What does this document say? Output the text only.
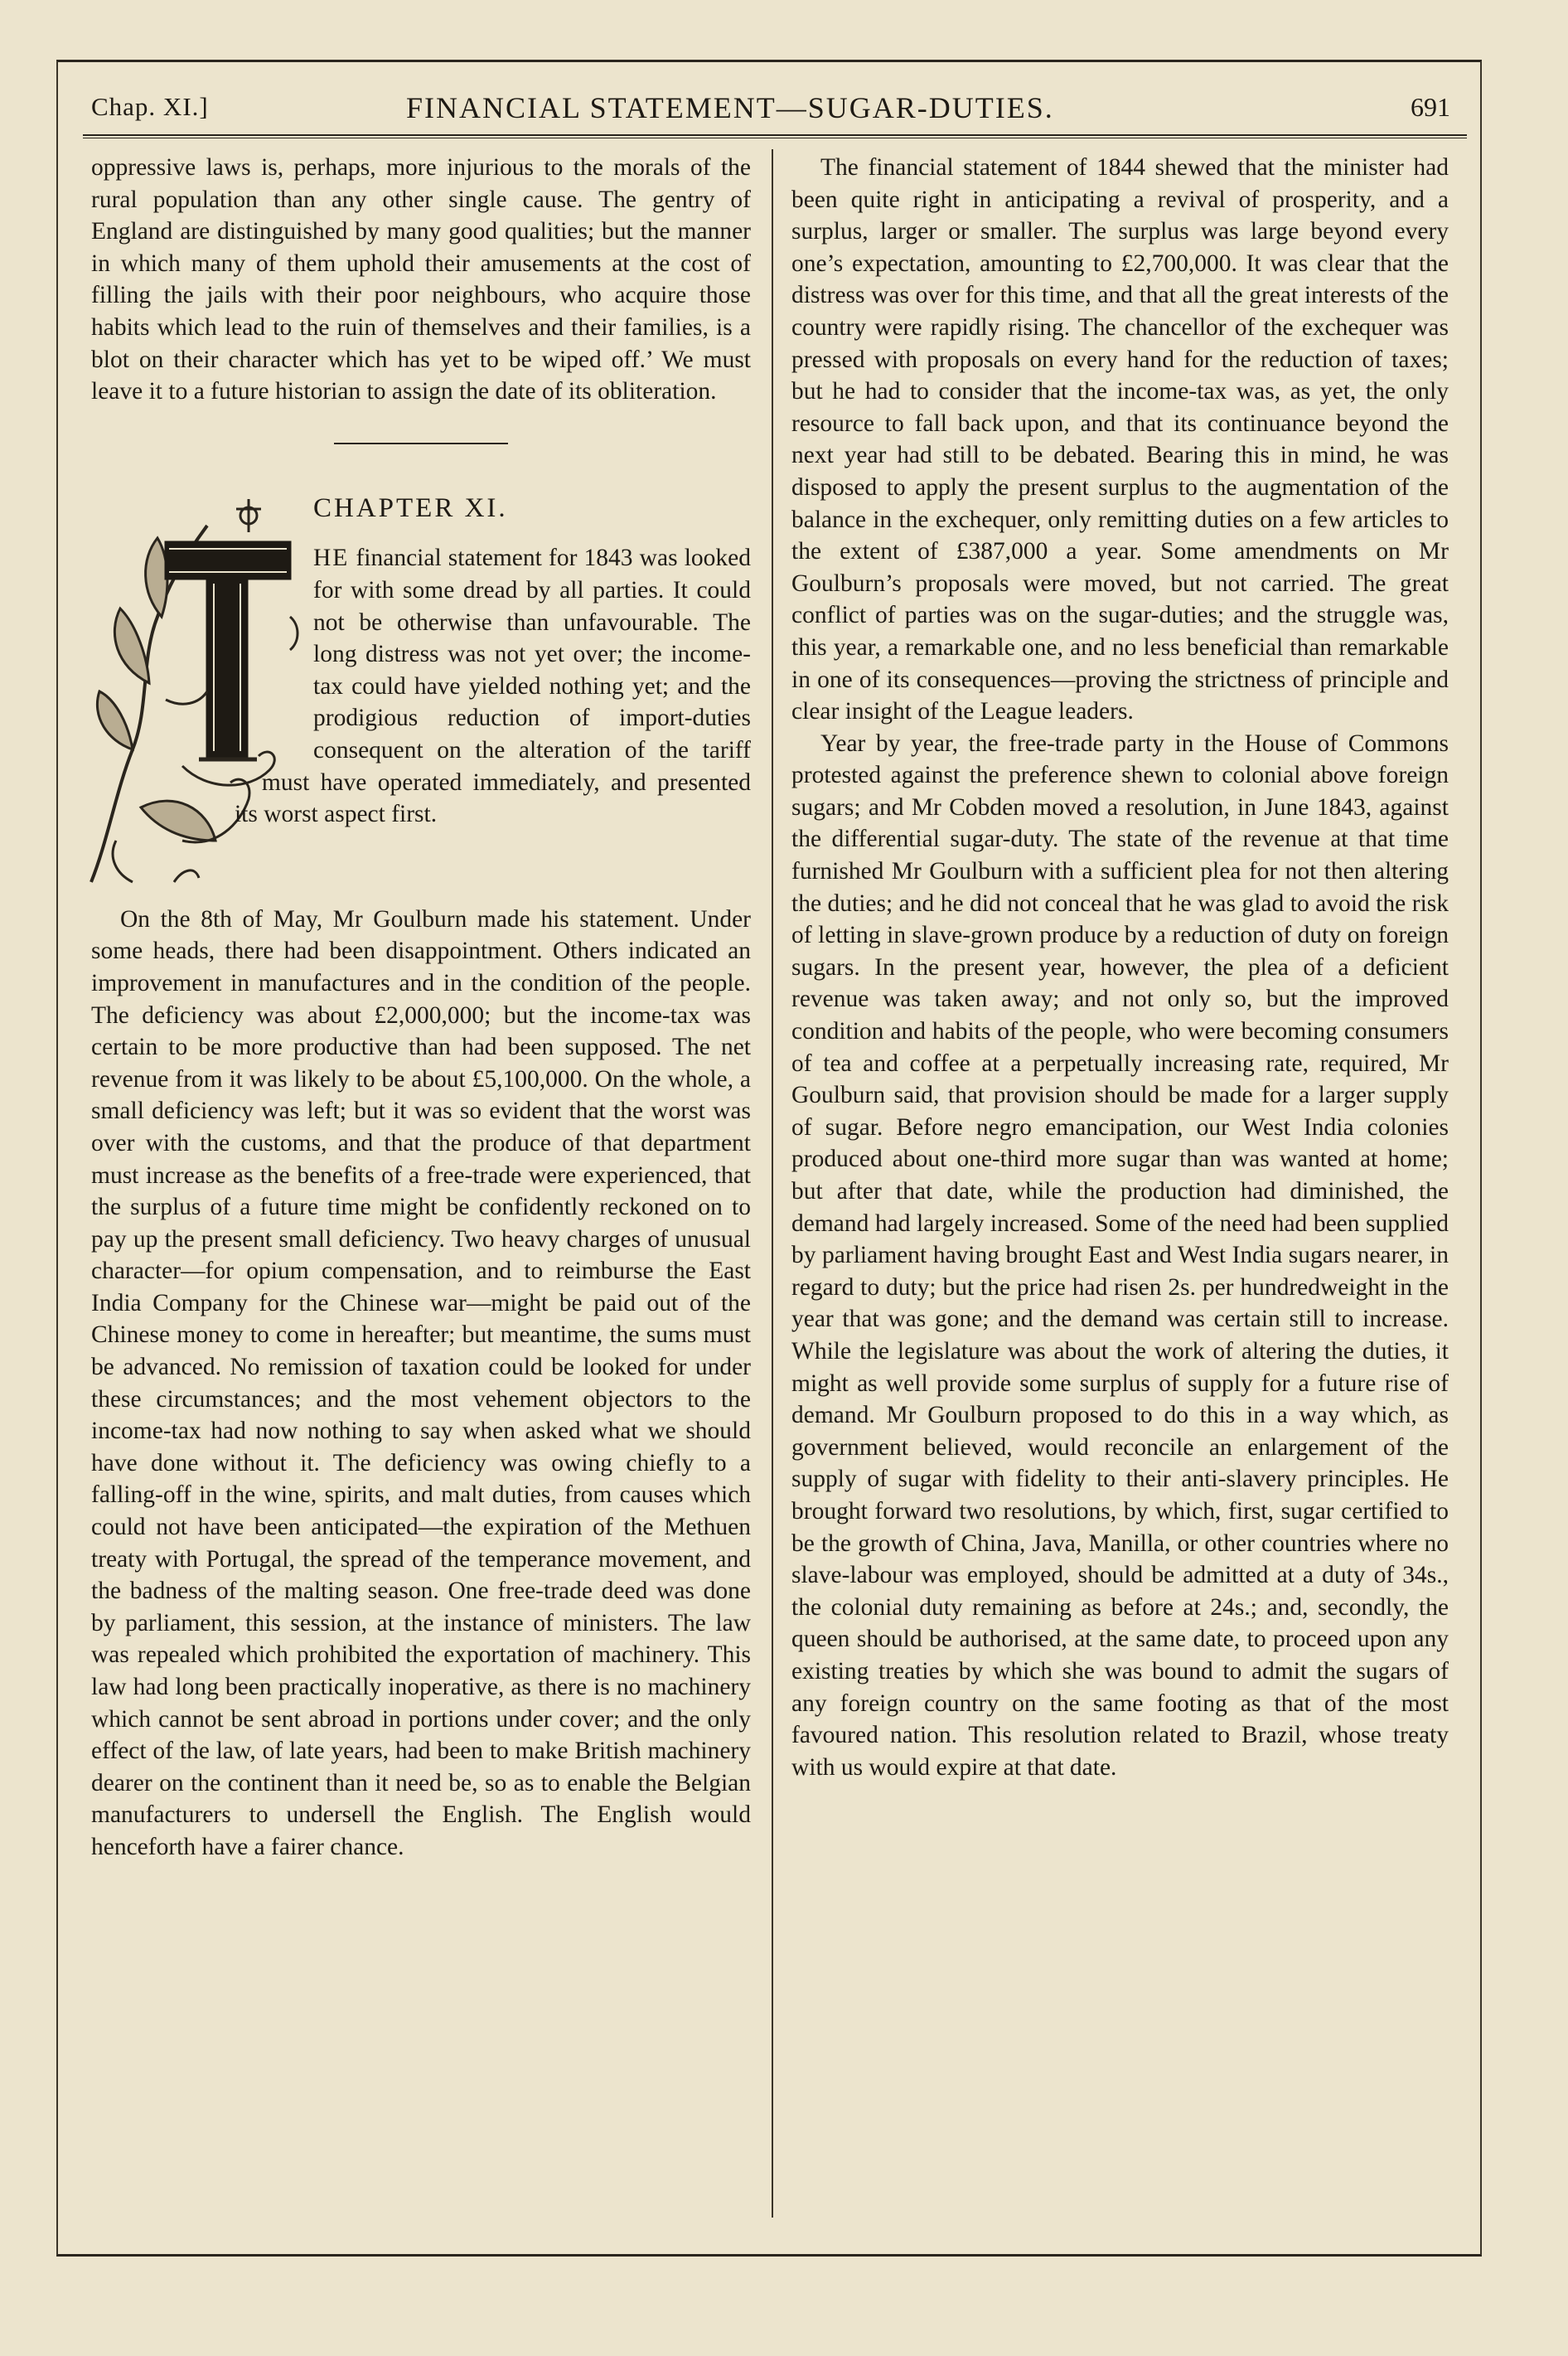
Chap. XI.]	FINANCIAL STATEMENT—SUGAR-DUTIES.	691

oppressive laws is, perhaps, more injurious to the morals of the rural population than any other single cause. The gentry of England are distinguished by many good qualities; but the manner in which many of them uphold their amusements at the cost of filling the jails with their poor neighbours, who acquire those habits which lead to the ruin of themselves and their families, is a blot on their character which has yet to be wiped off.’ We must leave it to a future historian to assign the date of its obliteration.

CHAPTER XI.

HE financial statement for 1843 was looked for with some dread by all parties. It could not be otherwise than unfavourable. The long distress was not yet over; the income-tax could have yielded nothing yet; and the prodigious reduction of import-duties consequent on the alteration of the tariff must have operated immediately, and presented its worst aspect first.

On the 8th of May, Mr Goulburn made his statement. Under some heads, there had been disappointment. Others indicated an improvement in manufactures and in the condition of the people. The deficiency was about £2,000,000; but the income-tax was certain to be more productive than had been supposed. The net revenue from it was likely to be about £5,100,000. On the whole, a small deficiency was left; but it was so evident that the worst was over with the customs, and that the produce of that department must increase as the benefits of a free-trade were experienced, that the surplus of a future time might be confidently reckoned on to pay up the present small deficiency. Two heavy charges of unusual character—for opium compensation, and to reimburse the East India Company for the Chinese war—might be paid out of the Chinese money to come in hereafter; but meantime, the sums must be advanced. No remission of taxation could be looked for under these circumstances; and the most vehement objectors to the income-tax had now nothing to say when asked what we should have done without it. The deficiency was owing chiefly to a falling-off in the wine, spirits, and malt duties, from causes which could not have been anticipated—the expiration of the Methuen treaty with Portugal, the spread of the temperance movement, and the badness of the malting season. One free-trade deed was done by parliament, this session, at the instance of ministers. The law was repealed which prohibited the exportation of machinery. This law had long been practically inoperative, as there is no machinery which cannot be sent abroad in portions under cover; and the only effect of the law, of late years, had been to make British machinery dearer on the continent than it need be, so as to enable the Belgian manufacturers to undersell the English. The English would henceforth have a fairer chance.

The financial statement of 1844 shewed that the minister had been quite right in anticipating a revival of prosperity, and a surplus, larger or smaller. The surplus was large beyond every one’s expectation, amounting to £2,700,000. It was clear that the distress was over for this time, and that all the great interests of the country were rapidly rising. The chancellor of the exchequer was pressed with proposals on every hand for the reduction of taxes; but he had to consider that the income-tax was, as yet, the only resource to fall back upon, and that its continuance beyond the next year had still to be debated. Bearing this in mind, he was disposed to apply the present surplus to the augmentation of the balance in the exchequer, only remitting duties on a few articles to the extent of £387,000 a year. Some amendments on Mr Goulburn’s proposals were moved, but not carried. The great conflict of parties was on the sugar-duties; and the struggle was, this year, a remarkable one, and no less beneficial than remarkable in one of its consequences—proving the strictness of principle and clear insight of the League leaders.

Year by year, the free-trade party in the House of Commons protested against the preference shewn to colonial above foreign sugars; and Mr Cobden moved a resolution, in June 1843, against the differential sugar-duty. The state of the revenue at that time furnished Mr Goulburn with a sufficient plea for not then altering the duties; and he did not conceal that he was glad to avoid the risk of letting in slave-grown produce by a reduction of duty on foreign sugars. In the present year, however, the plea of a deficient revenue was taken away; and not only so, but the improved condition and habits of the people, who were becoming consumers of tea and coffee at a perpetually increasing rate, required, Mr Goulburn said, that provision should be made for a larger supply of sugar. Before negro emancipation, our West India colonies produced about one-third more sugar than was wanted at home; but after that date, while the production had diminished, the demand had largely increased. Some of the need had been supplied by parliament having brought East and West India sugars nearer, in regard to duty; but the price had risen 2s. per hundredweight in the year that was gone; and the demand was certain still to increase. While the legislature was about the work of altering the duties, it might as well provide some surplus of supply for a future rise of demand. Mr Goulburn proposed to do this in a way which, as government believed, would reconcile an enlargement of the supply of sugar with fidelity to their anti-slavery principles. He brought forward two resolutions, by which, first, sugar certified to be the growth of China, Java, Manilla, or other countries where no slave-labour was employed, should be admitted at a duty of 34s., the colonial duty remaining as before at 24s.; and, secondly, the queen should be authorised, at the same date, to proceed upon any existing treaties by which she was bound to admit the sugars of any foreign country on the same footing as that of the most favoured nation. This resolution related to Brazil, whose treaty with us would expire at that date.
